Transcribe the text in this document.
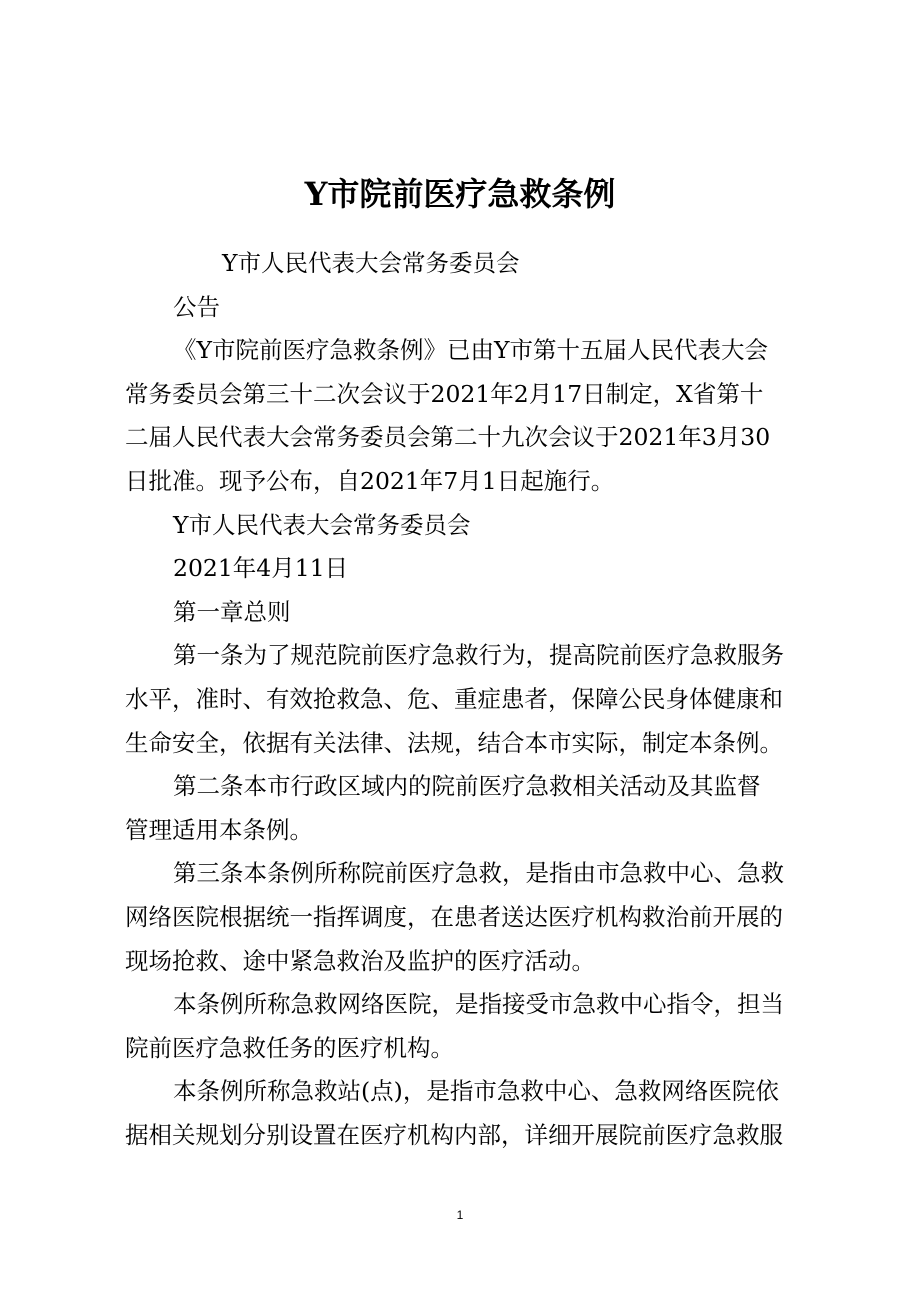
Y市院前医疗急救条例
Y市人民代表大会常务委员会
公告
《Y市院前医疗急救条例》已由Y市第十五届人民代表大会
常务委员会第三十二次会议于2021年2月17日制定，X省第十
二届人民代表大会常务委员会第二十九次会议于2021年3月30
日批准。现予公布，自2021年7月1日起施行。
Y市人民代表大会常务委员会
2021年4月11日
第一章总则
第一条为了规范院前医疗急救行为，提高院前医疗急救服务
水平，准时、有效抢救急、危、重症患者，保障公民身体健康和
生命安全，依据有关法律、法规，结合本市实际，制定本条例。
第二条本市行政区域内的院前医疗急救相关活动及其监督
管理适用本条例。
第三条本条例所称院前医疗急救，是指由市急救中心、急救
网络医院根据统一指挥调度，在患者送达医疗机构救治前开展的
现场抢救、途中紧急救治及监护的医疗活动。
本条例所称急救网络医院，是指接受市急救中心指令，担当
院前医疗急救任务的医疗机构。
本条例所称急救站(点)，是指市急救中心、急救网络医院依
据相关规划分别设置在医疗机构内部，详细开展院前医疗急救服
1
